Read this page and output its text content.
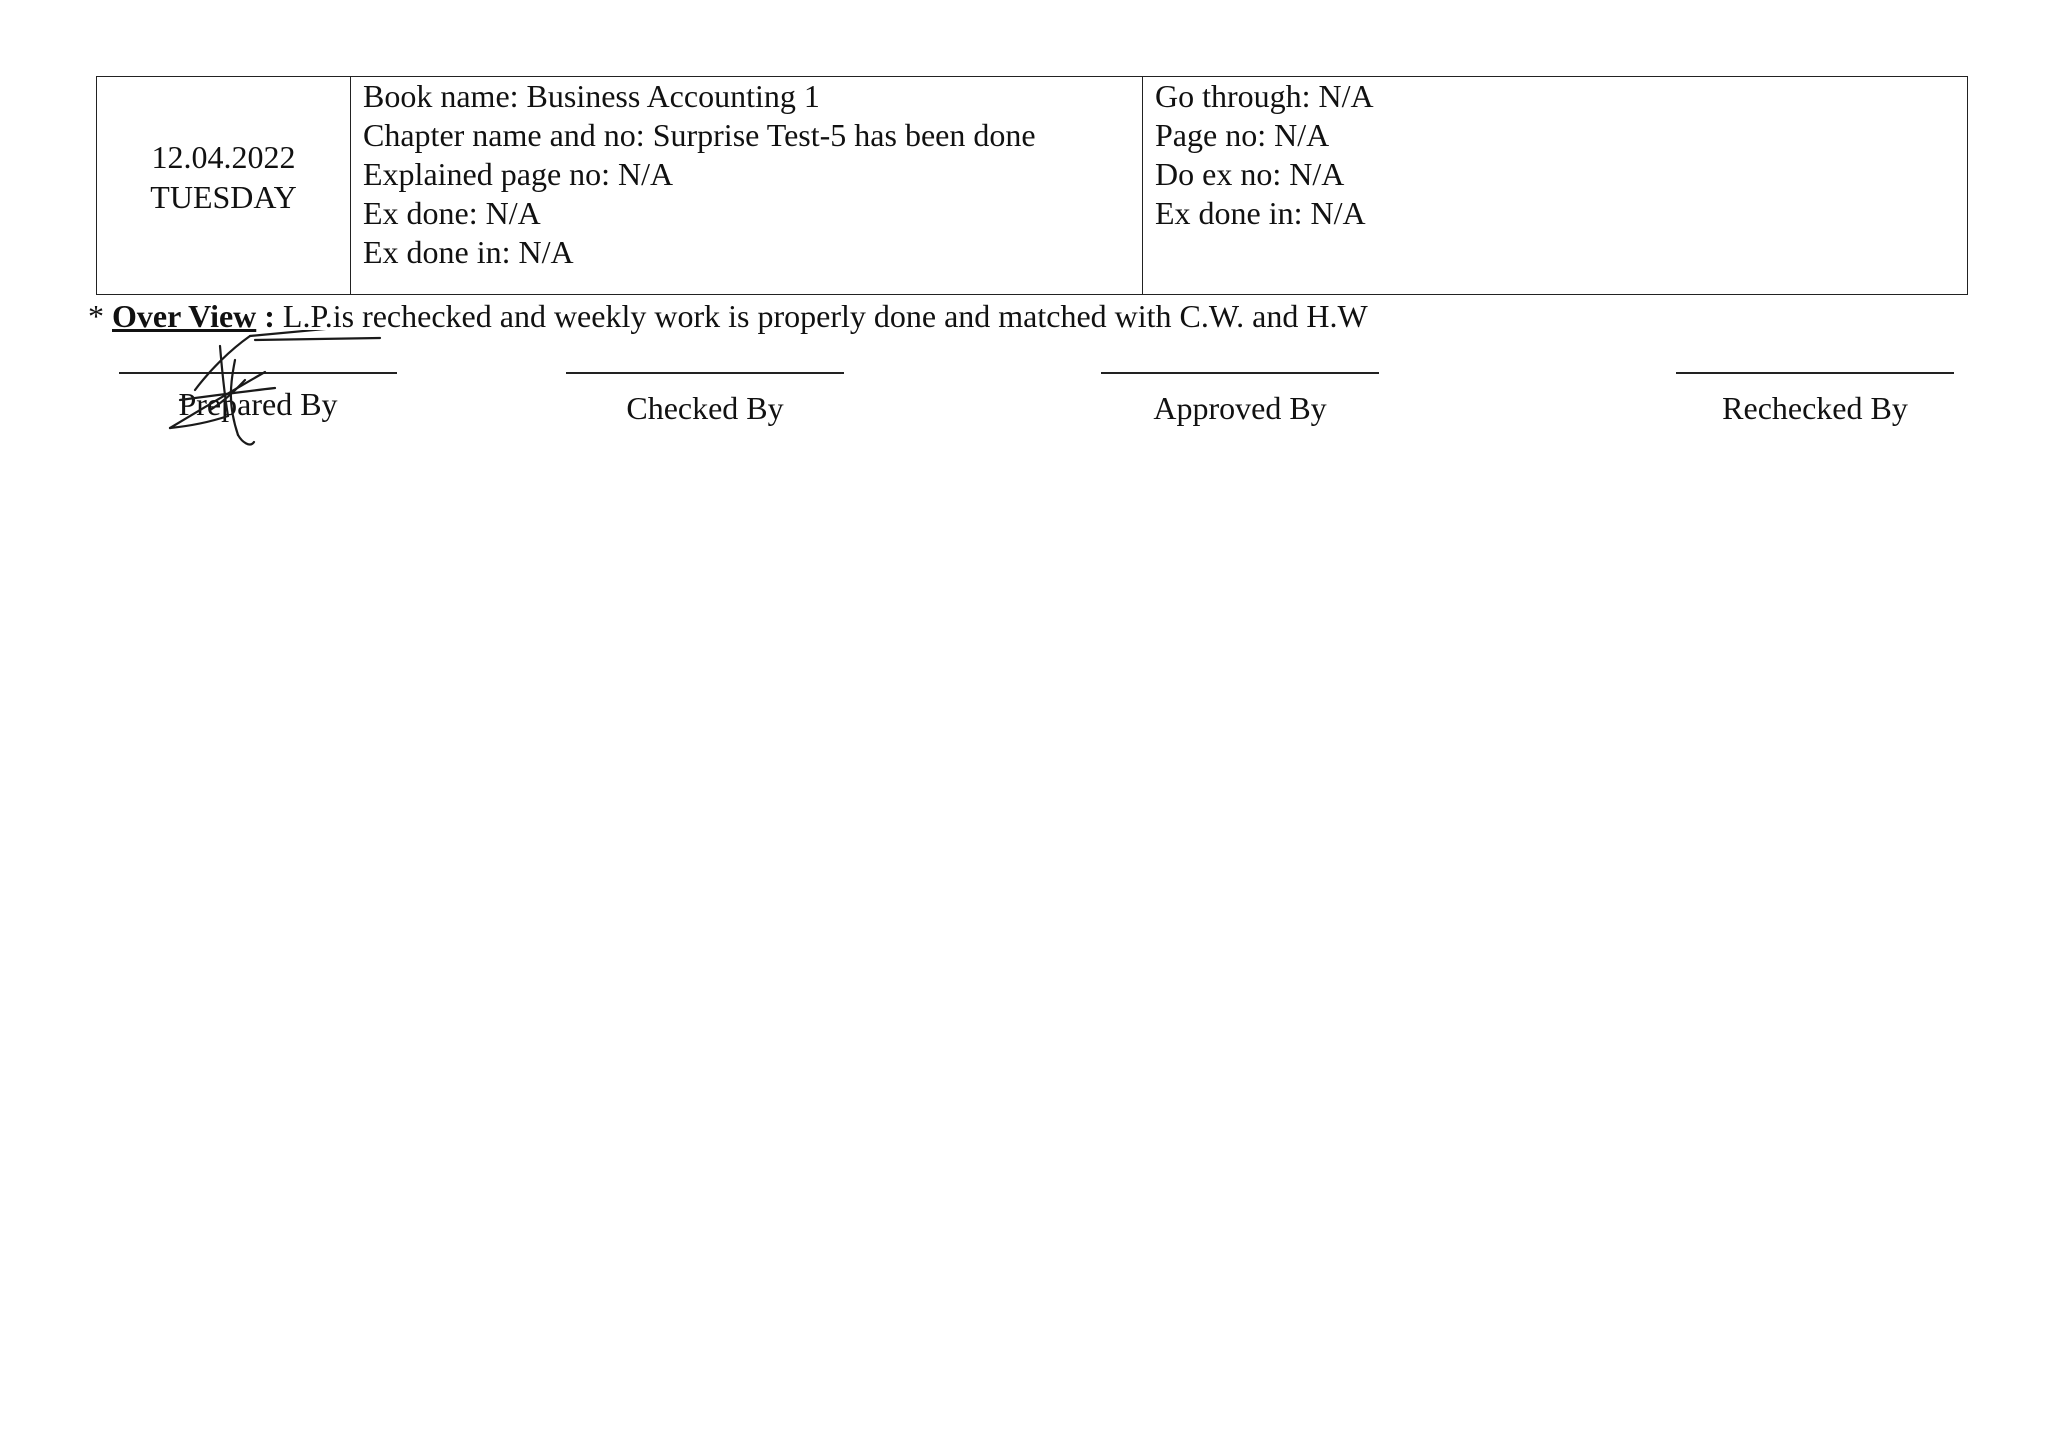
12.04.2022
TUESDAY

Book name: Business Accounting 1
Chapter name and no: Surprise Test-5 has been done
Explained page no: N/A
Ex done: N/A
Ex done in: N/A

Go through: N/A
Page no: N/A
Do ex no: N/A
Ex done in: N/A
* Over View : L.P.is rechecked and weekly work is properly done and matched with C.W. and H.W
Prepared By	Checked By	Approved By	Rechecked By
